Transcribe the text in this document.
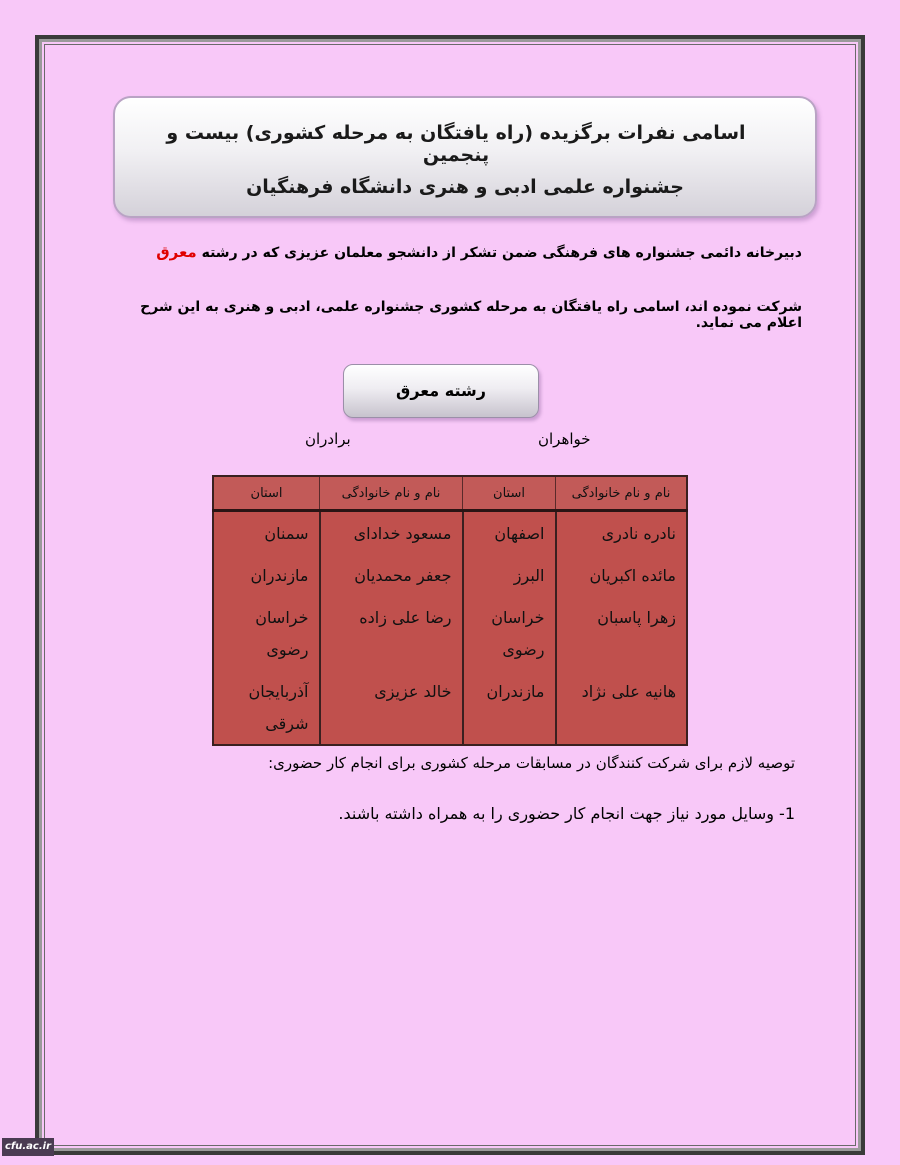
اسامی نفرات برگزیده (راه یافتگان به مرحله کشوری) بیست و پنجمین
جشنواره علمی ادبی و هنری دانشگاه فرهنگیان
دبیرخانه دائمی جشنواره های فرهنگی ضمن تشکر از دانشجو معلمان عزیزی که در رشته معرق
شرکت نموده اند، اسامی راه یافتگان به مرحله کشوری جشنواره علمی، ادبی و هنری به این شرح اعلام می نماید.
رشته معرق
خواهران
برادران
نام و نام خانوادگی	استان	نام و نام خانوادگی	استان
نادره نادری	اصفهان	مسعود خدادای	سمنان
مائده اکبریان	البرز	جعفر محمدیان	مازندران
زهرا پاسبان	خراسان رضوی	رضا علی زاده	خراسان رضوی
هانیه علی نژاد	مازندران	خالد عزیزی	آذربایجان شرقی
توصیه لازم برای شرکت کنندگان در مسابقات مرحله کشوری برای انجام کار حضوری:
1- وسایل مورد نیاز جهت انجام کار حضوری را به همراه داشته باشند.
cfu.ac.ir
